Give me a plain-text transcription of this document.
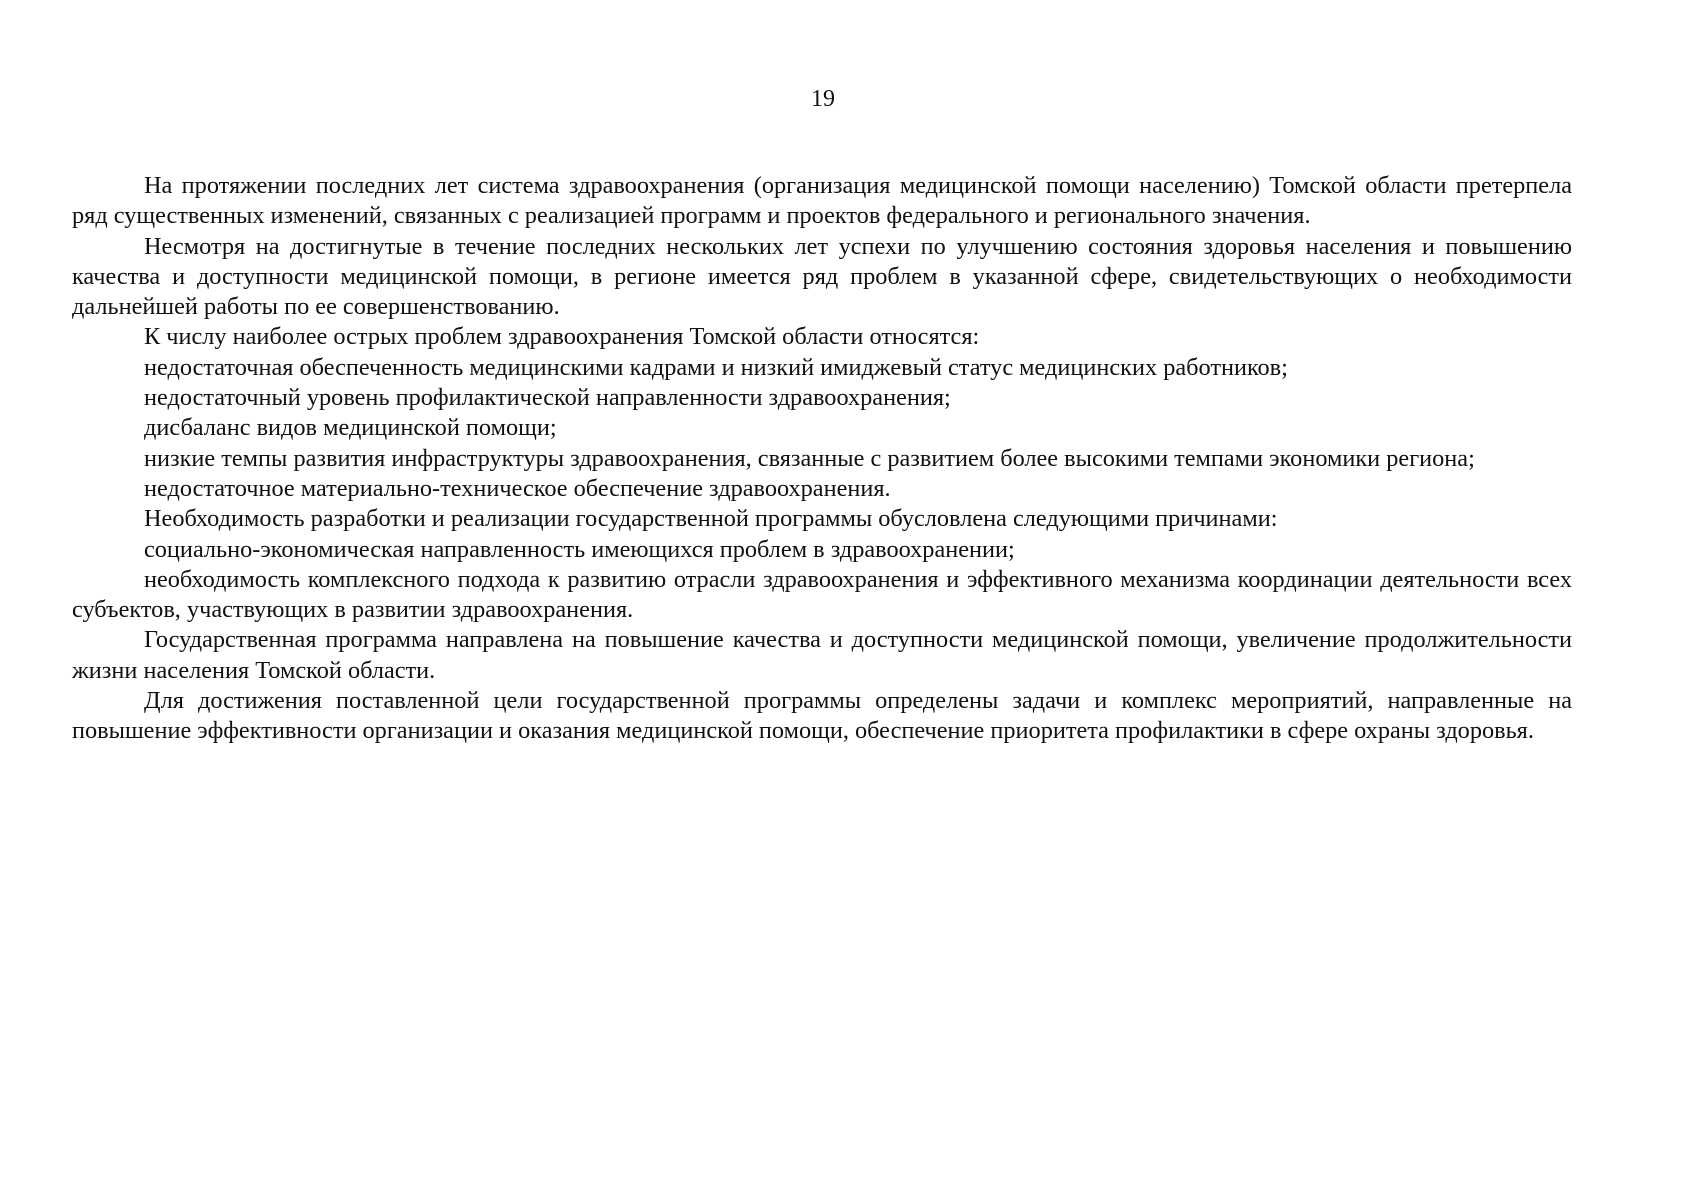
19

На протяжении последних лет система здравоохранения (организация медицинской помощи населению) Томской области претерпела ряд существенных изменений, связанных с реализацией программ и проектов федерального и регионального значения.

Несмотря на достигнутые в течение последних нескольких лет успехи по улучшению состояния здоровья населения и повышению качества и доступности медицинской помощи, в регионе имеется ряд проблем в указанной сфере, свидетельствующих о необходимости дальнейшей работы по ее совершенствованию.

К числу наиболее острых проблем здравоохранения Томской области относятся:

недостаточная обеспеченность медицинскими кадрами и низкий имиджевый статус медицинских работников;

недостаточный уровень профилактической направленности здравоохранения;

дисбаланс видов медицинской помощи;

низкие темпы развития инфраструктуры здравоохранения, связанные с развитием более высокими темпами экономики региона;

недостаточное материально-техническое обеспечение здравоохранения.

Необходимость разработки и реализации государственной программы обусловлена следующими причинами:

социально-экономическая направленность имеющихся проблем в здравоохранении;

необходимость комплексного подхода к развитию отрасли здравоохранения и эффективного механизма координации деятельности всех субъектов, участвующих в развитии здравоохранения.

Государственная программа направлена на повышение качества и доступности медицинской помощи, увеличение продолжительности жизни населения Томской области.

Для достижения поставленной цели государственной программы определены задачи и комплекс мероприятий, направленные на повышение эффективности организации и оказания медицинской помощи, обеспечение приоритета профилактики в сфере охраны здоровья.
